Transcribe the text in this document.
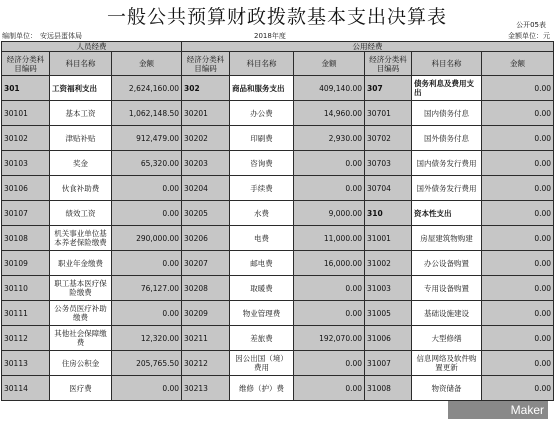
一般公共预算财政拨款基本支出决算表	公开05表
编制单位： 安远县蛋体局	2018年度	金额单位：元
人员经费			公用经费					
经济分类科目编码	科目名称	金额	经济分类科目编码	科目名称	金额	经济分类科目编码	科目名称	金额
301	工资福利支出	2,624,160.00	302	商品和服务支出	409,140.00	307	债务利息及费用支出	0.00
30101	基本工资	1,062,148.50	30201	办公费	14,960.00	30701	国内债务付息	0.00
30102	津贴补贴	912,479.00	30202	印刷费	2,930.00	30702	国外债务付息	0.00
30103	奖金	65,320.00	30203	咨询费	0.00	30703	国内债务发行费用	0.00
30106	伙食补助费	0.00	30204	手续费	0.00	30704	国外债务发行费用	0.00
30107	绩效工资	0.00	30205	水费	9,000.00	310	资本性支出	0.00
30108	机关事业单位基本养老保险缴费	290,000.00	30206	电费	11,000.00	31001	房屋建筑物购建	0.00
30109	职业年金缴费	0.00	30207	邮电费	16,000.00	31002	办公设备购置	0.00
30110	职工基本医疗保险缴费	76,127.00	30208	取暖费	0.00	31003	专用设备购置	0.00
30111	公务员医疗补助缴费	0.00	30209	物业管理费	0.00	31005	基础设施建设	0.00
30112	其他社会保障缴费	12,320.00	30211	差旅费	192,070.00	31006	大型修缮	0.00
30113	住房公积金	205,765.50	30212	因公出国（境）费用	0.00	31007	信息网络及软件购置更新	0.00
30114	医疗费	0.00	30213	维修（护）费	0.00	31008	物资储备	0.00
Maker
